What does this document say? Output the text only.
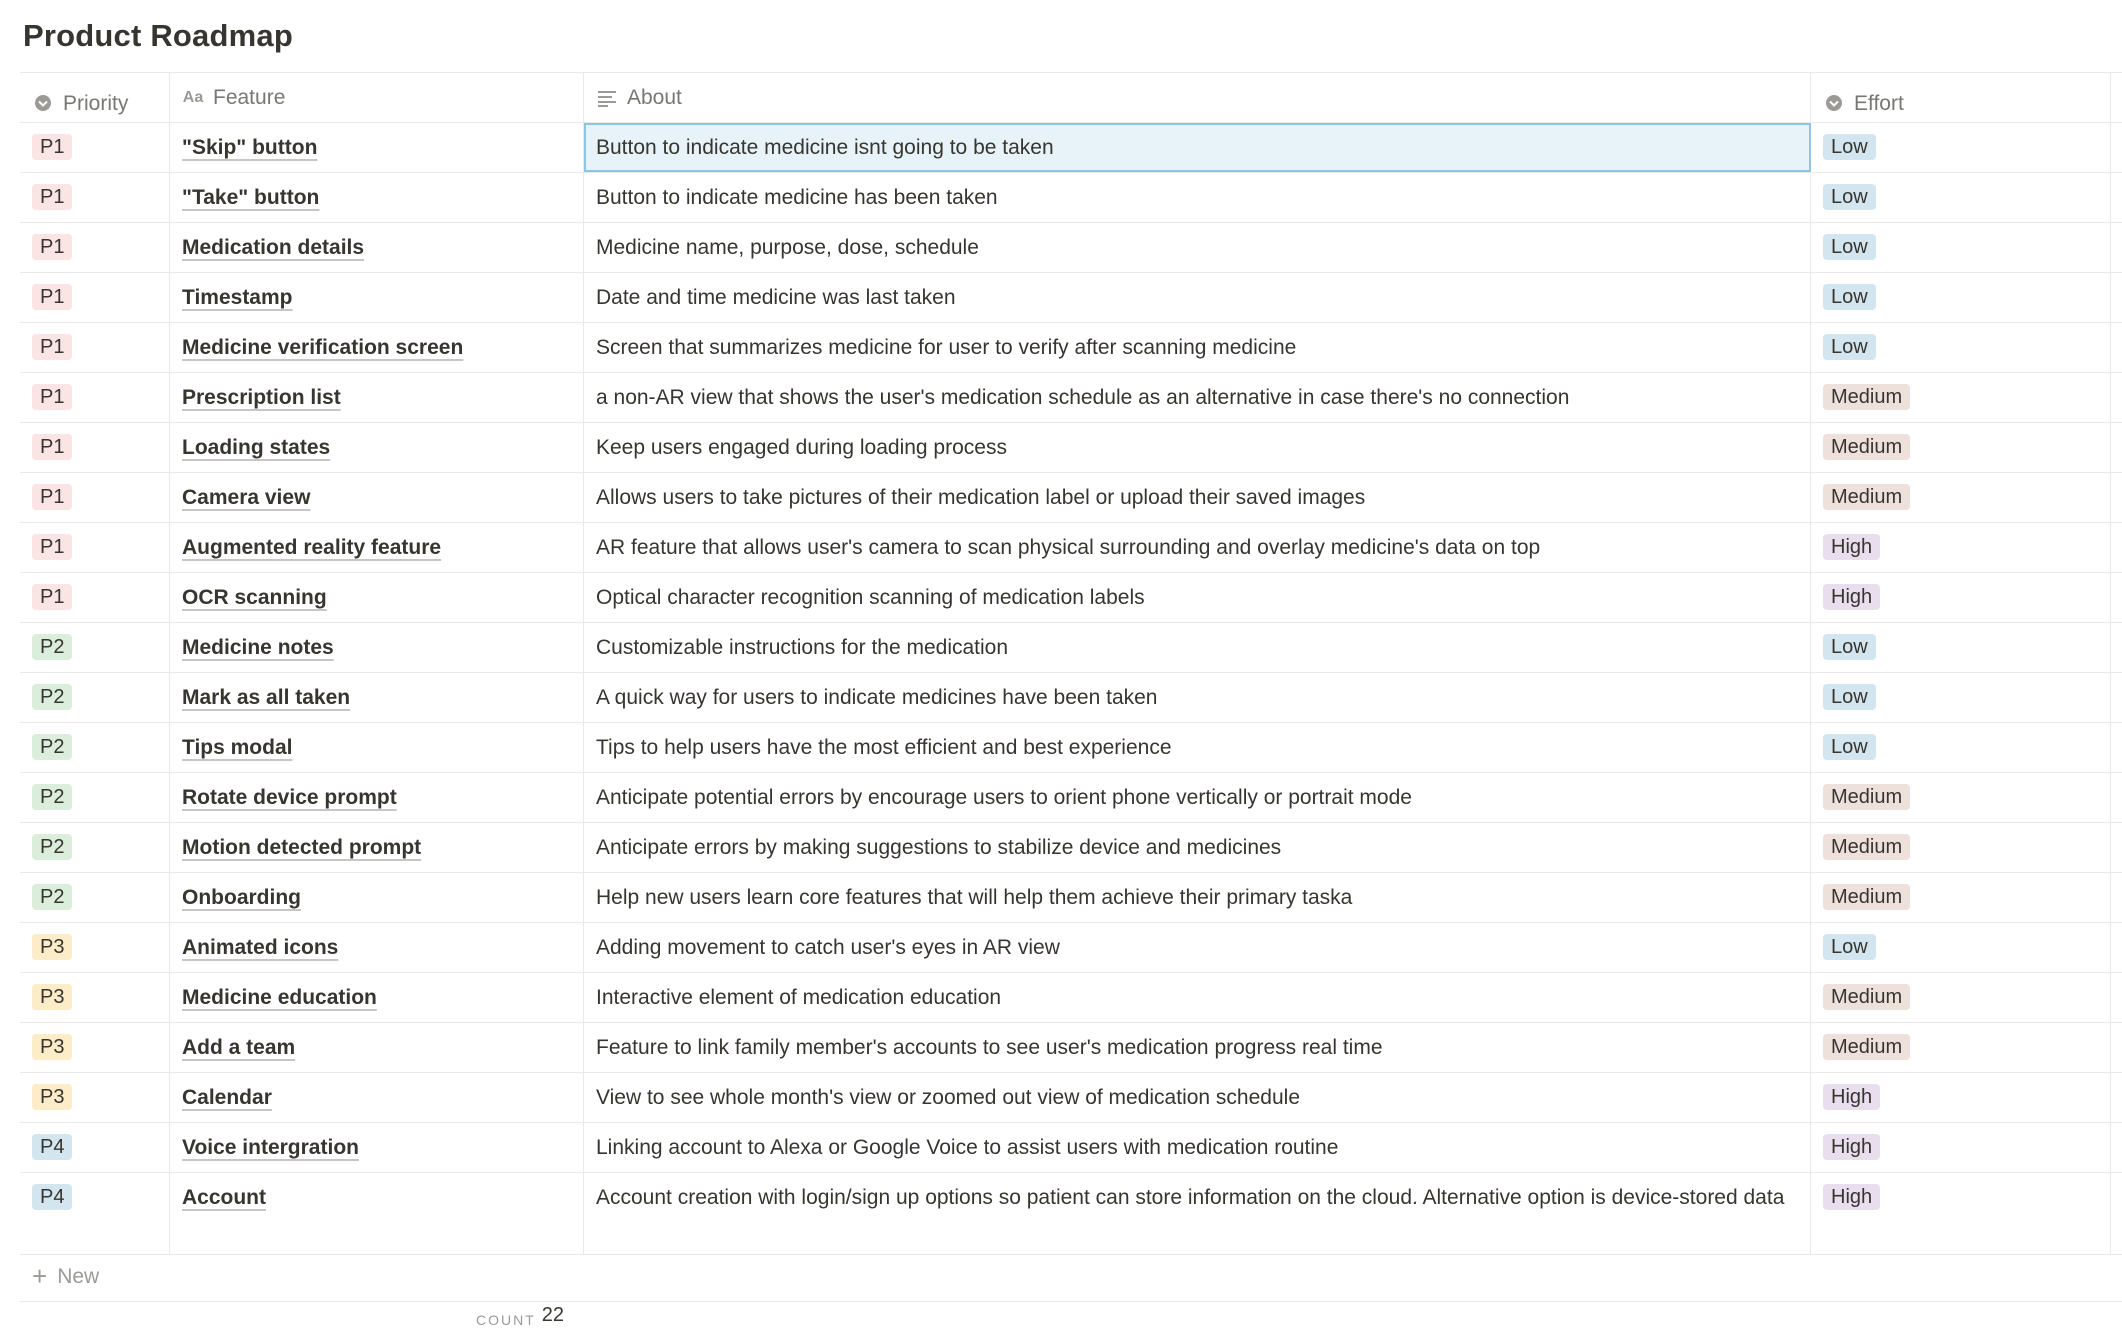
Product Roadmap
Priority	Aa Feature	About	Effort
P1	"Skip" button	Button to indicate medicine isnt going to be taken	Low
P1	"Take" button	Button to indicate medicine has been taken	Low
P1	Medication details	Medicine name, purpose, dose, schedule	Low
P1	Timestamp	Date and time medicine was last taken	Low
P1	Medicine verification screen	Screen that summarizes medicine for user to verify after scanning medicine	Low
P1	Prescription list	a non-AR view that shows the user's medication schedule as an alternative in case there's no connection	Medium
P1	Loading states	Keep users engaged during loading process	Medium
P1	Camera view	Allows users to take pictures of their medication label or upload their saved images	Medium
P1	Augmented reality feature	AR feature that allows user's camera to scan physical surrounding and overlay medicine's data on top	High
P1	OCR scanning	Optical character recognition scanning of medication labels	High
P2	Medicine notes	Customizable instructions for the medication	Low
P2	Mark as all taken	A quick way for users to indicate medicines have been taken	Low
P2	Tips modal	Tips to help users have the most efficient and best experience	Low
P2	Rotate device prompt	Anticipate potential errors by encourage users to orient phone vertically or portrait mode	Medium
P2	Motion detected prompt	Anticipate errors by making suggestions to stabilize device and medicines	Medium
P2	Onboarding	Help new users learn core features that will help them achieve their primary taska	Medium
P3	Animated icons	Adding movement to catch user's eyes in AR view	Low
P3	Medicine education	Interactive element of medication education	Medium
P3	Add a team	Feature to link family member's accounts to see user's medication progress real time	Medium
P3	Calendar	View to see whole month's view or zoomed out view of medication schedule	High
P4	Voice intergration	Linking account to Alexa or Google Voice to assist users with medication routine	High
P4	Account	Account creation with login/sign up options so patient can store information on the cloud. Alternative option is device-stored data	High
+ New
COUNT 22
